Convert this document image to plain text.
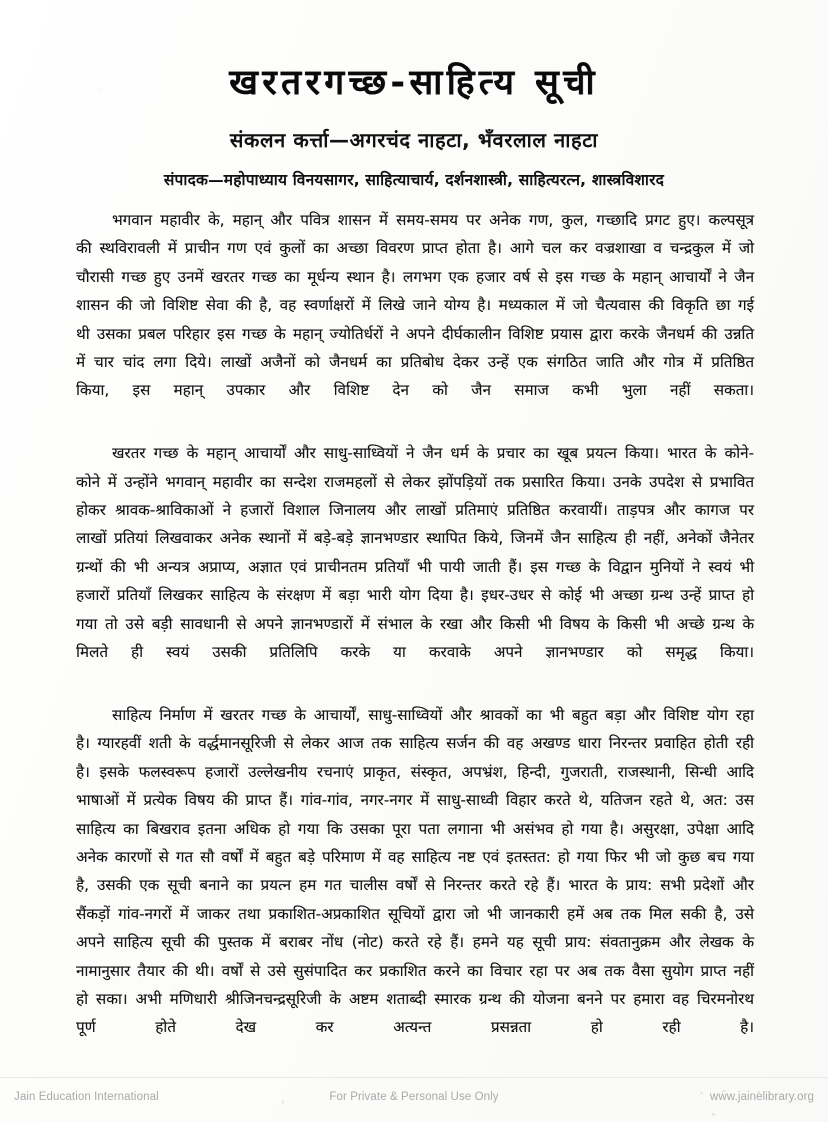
खरतरगच्छ-साहित्य सूची
संकलन कर्त्ता—अगरचंद नाहटा, भँवरलाल नाहटा
संपादक—महोपाध्याय विनयसागर, साहित्याचार्य, दर्शनशास्त्री, साहित्यरत्न, शास्त्रविशारद

भगवान महावीर के, महान् और पवित्र शासन में समय-समय पर अनेक गण, कुल, गच्छादि प्रगट हुए। कल्पसूत्र की स्थविरावली में प्राचीन गण एवं कुलों का अच्छा विवरण प्राप्त होता है। आगे चल कर वज्रशाखा व चन्द्रकुल में जो चौरासी गच्छ हुए उनमें खरतर गच्छ का मूर्धन्य स्थान है। लगभग एक हजार वर्ष से इस गच्छ के महान् आचार्यों ने जैन शासन की जो विशिष्ट सेवा की है, वह स्वर्णाक्षरों में लिखे जाने योग्य है। मध्यकाल में जो चैत्यवास की विकृति छा गई थी उसका प्रबल परिहार इस गच्छ के महान् ज्योतिर्धरों ने अपने दीर्घकालीन विशिष्ट प्रयास द्वारा करके जैनधर्म की उन्नति में चार चांद लगा दिये। लाखों अजैनों को जैनधर्म का प्रतिबोध देकर उन्हें एक संगठित जाति और गोत्र में प्रतिष्ठित किया, इस महान् उपकार और विशिष्ट देन को जैन समाज कभी भुला नहीं सकता।

खरतर गच्छ के महान् आचार्यों और साधु-साध्वियों ने जैन धर्म के प्रचार का खूब प्रयत्न किया। भारत के कोने-कोने में उन्होंने भगवान् महावीर का सन्देश राजमहलों से लेकर झोंपड़ियों तक प्रसारित किया। उनके उपदेश से प्रभावित होकर श्रावक-श्राविकाओं ने हजारों विशाल जिनालय और लाखों प्रतिमाएं प्रतिष्ठित करवायीं। ताड़पत्र और कागज पर लाखों प्रतियां लिखवाकर अनेक स्थानों में बड़े-बड़े ज्ञानभण्डार स्थापित किये, जिनमें जैन साहित्य ही नहीं, अनेकों जैनेतर ग्रन्थों की भी अन्यत्र अप्राप्य, अज्ञात एवं प्राचीनतम प्रतियाँ भी पायी जाती हैं। इस गच्छ के विद्वान मुनियों ने स्वयं भी हजारों प्रतियाँ लिखकर साहित्य के संरक्षण में बड़ा भारी योग दिया है। इधर-उधर से कोई भी अच्छा ग्रन्थ उन्हें प्राप्त हो गया तो उसे बड़ी सावधानी से अपने ज्ञानभण्डारों में संभाल के रखा और किसी भी विषय के किसी भी अच्छे ग्रन्थ के मिलते ही स्वयं उसकी प्रतिलिपि करके या करवाके अपने ज्ञानभण्डार को समृद्ध किया।

साहित्य निर्माण में खरतर गच्छ के आचार्यों, साधु-साध्वियों और श्रावकों का भी बहुत बड़ा और विशिष्ट योग रहा है। ग्यारहवीं शती के वर्द्धमानसूरिजी से लेकर आज तक साहित्य सर्जन की वह अखण्ड धारा निरन्तर प्रवाहित होती रही है। इसके फलस्वरूप हजारों उल्लेखनीय रचनाएं प्राकृत, संस्कृत, अपभ्रंश, हिन्दी, गुजराती, राजस्थानी, सिन्धी आदि भाषाओं में प्रत्येक विषय की प्राप्त हैं। गांव-गांव, नगर-नगर में साधु-साध्वी विहार करते थे, यतिजन रहते थे, अत: उस साहित्य का बिखराव इतना अधिक हो गया कि उसका पूरा पता लगाना भी असंभव हो गया है। असुरक्षा, उपेक्षा आदि अनेक कारणों से गत सौ वर्षों में बहुत बड़े परिमाण में वह साहित्य नष्ट एवं इतस्तत: हो गया फिर भी जो कुछ बच गया है, उसकी एक सूची बनाने का प्रयत्न हम गत चालीस वर्षों से निरन्तर करते रहे हैं। भारत के प्राय: सभी प्रदेशों और सैंकड़ों गांव-नगरों में जाकर तथा प्रकाशित-अप्रकाशित सूचियों द्वारा जो भी जानकारी हमें अब तक मिल सकी है, उसे अपने साहित्य सूची की पुस्तक में बराबर नोंध (नोट) करते रहे हैं। हमने यह सूची प्राय: संवतानुक्रम और लेखक के नामानुसार तैयार की थी। वर्षों से उसे सुसंपादित कर प्रकाशित करने का विचार रहा पर अब तक वैसा सुयोग प्राप्त नहीं हो सका। अभी मणिधारी श्रीजिनचन्द्रसूरिजी के अष्टम शताब्दी स्मारक ग्रन्थ की योजना बनने पर हमारा वह चिरमनोरथ पूर्ण होते देख कर अत्यन्त प्रसन्नता हो रही है।

Jain Education International	For Private & Personal Use Only	www.jainelibrary.org
